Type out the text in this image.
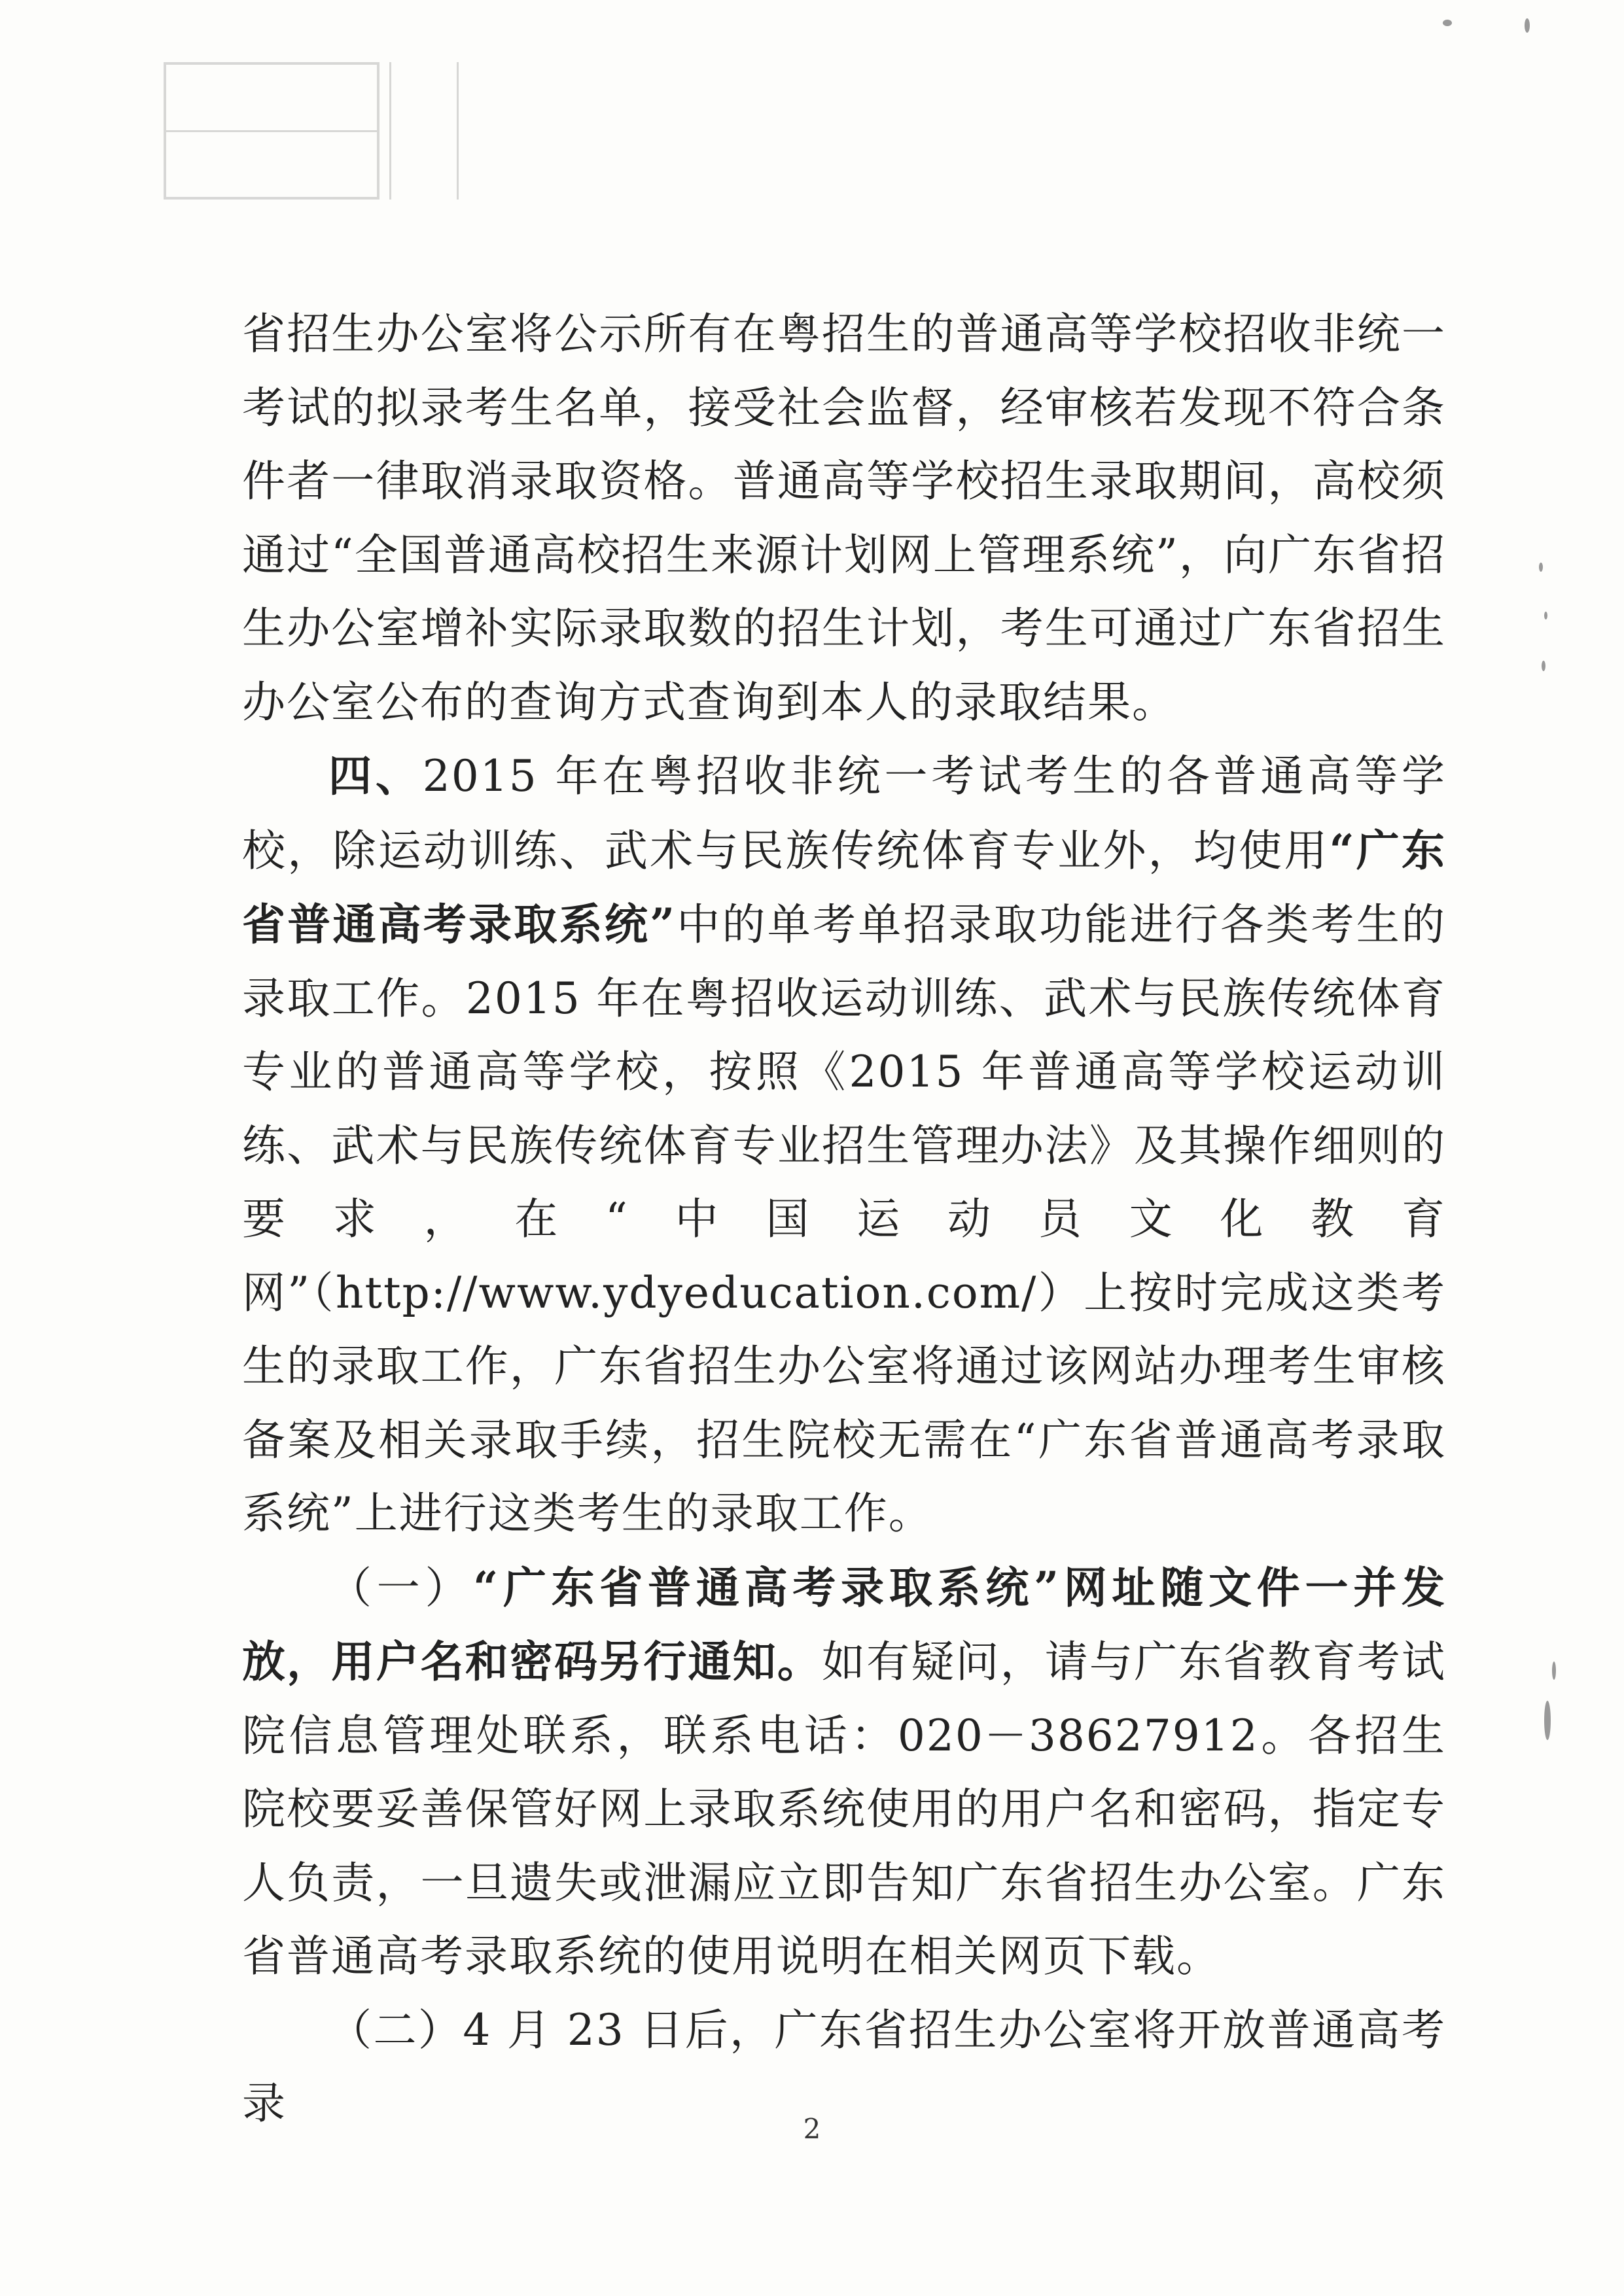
省招生办公室将公示所有在粤招生的普通高等学校招收非统一考试的拟录考生名单，接受社会监督，经审核若发现不符合条件者一律取消录取资格。普通高等学校招生录取期间，高校须通过“全国普通高校招生来源计划网上管理系统”，向广东省招生办公室增补实际录取数的招生计划，考生可通过广东省招生办公室公布的查询方式查询到本人的录取结果。

四、2015 年在粤招收非统一考试考生的各普通高等学校，除运动训练、武术与民族传统体育专业外，均使用“广东省普通高考录取系统”中的单考单招录取功能进行各类考生的录取工作。2015 年在粤招收运动训练、武术与民族传统体育专业的普通高等学校，按照《2015 年普通高等学校运动训练、武术与民族传统体育专业招生管理办法》及其操作细则的要求，在“中国运动员文化教育网”（http://www.ydyeducation.com/）上按时完成这类考生的录取工作，广东省招生办公室将通过该网站办理考生审核备案及相关录取手续，招生院校无需在“广东省普通高考录取系统”上进行这类考生的录取工作。

（一）“广东省普通高考录取系统”网址随文件一并发放，用户名和密码另行通知。如有疑问，请与广东省教育考试院信息管理处联系，联系电话：020－38627912。各招生院校要妥善保管好网上录取系统使用的用户名和密码，指定专人负责，一旦遗失或泄漏应立即告知广东省招生办公室。广东省普通高考录取系统的使用说明在相关网页下载。

（二）4 月 23 日后，广东省招生办公室将开放普通高考录

2
